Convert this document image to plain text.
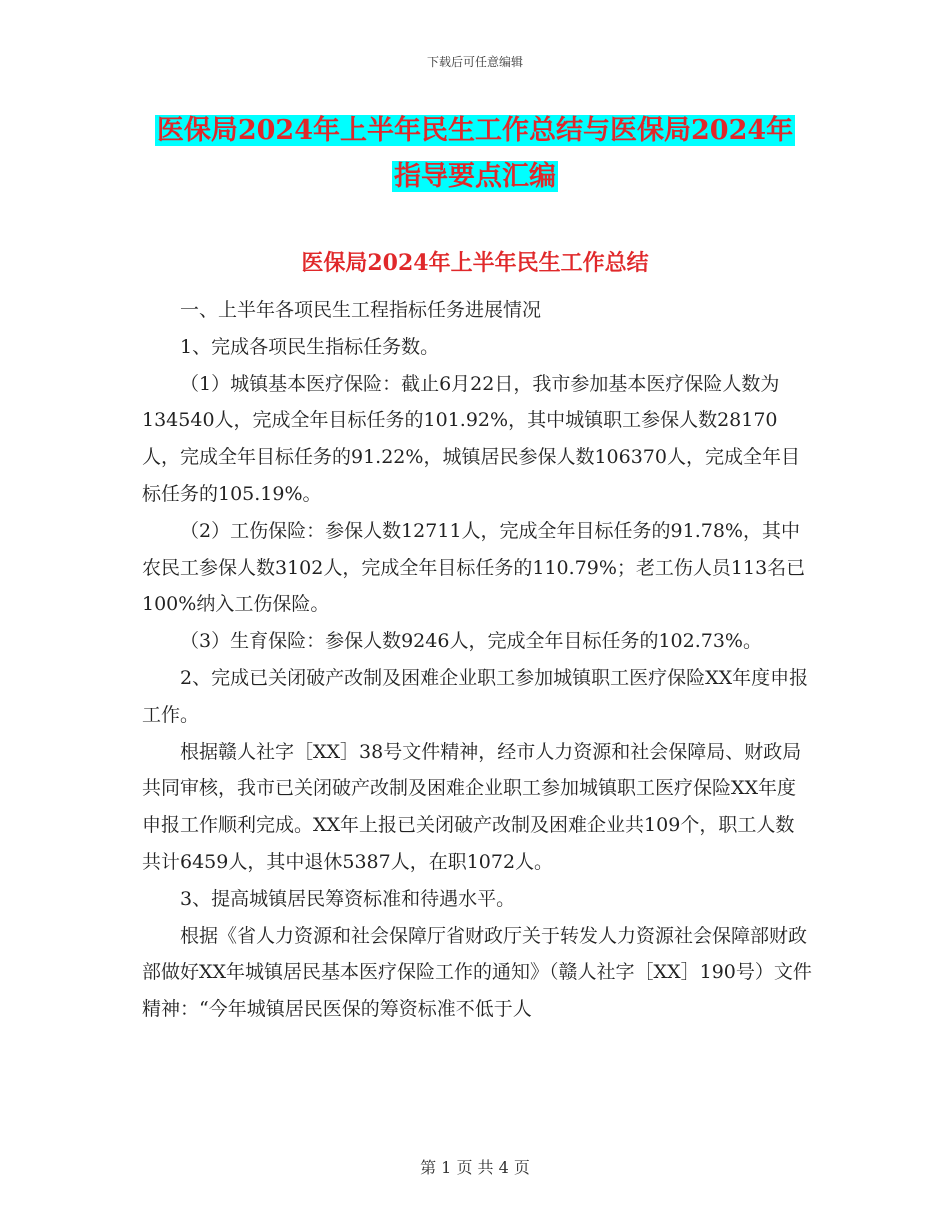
下载后可任意编辑
医保局2024年上半年民生工作总结与医保局2024年
指导要点汇编
医保局2024年上半年民生工作总结

一、上半年各项民生工程指标任务进展情况

1、完成各项民生指标任务数。

（1）城镇基本医疗保险：截止6月22日，我市参加基本医疗保险人数为134540人，完成全年目标任务的101.92%，其中城镇职工参保人数28170人，完成全年目标任务的91.22%，城镇居民参保人数106370人，完成全年目标任务的105.19%。

（2）工伤保险：参保人数12711人，完成全年目标任务的91.78%，其中农民工参保人数3102人，完成全年目标任务的110.79%；老工伤人员113名已100%纳入工伤保险。

（3）生育保险：参保人数9246人，完成全年目标任务的102.73%。

2、完成已关闭破产改制及困难企业职工参加城镇职工医疗保险XX年度申报工作。

根据赣人社字［XX］38号文件精神，经市人力资源和社会保障局、财政局共同审核，我市已关闭破产改制及困难企业职工参加城镇职工医疗保险XX年度申报工作顺利完成。XX年上报已关闭破产改制及困难企业共109个，职工人数共计6459人，其中退休5387人，在职1072人。

3、提高城镇居民筹资标准和待遇水平。

根据《省人力资源和社会保障厅省财政厅关于转发人力资源社会保障部财政部做好XX年城镇居民基本医疗保险工作的通知》（赣人社字［XX］190号）文件精神：“今年城镇居民医保的筹资标准不低于人

第 1 页 共 4 页
